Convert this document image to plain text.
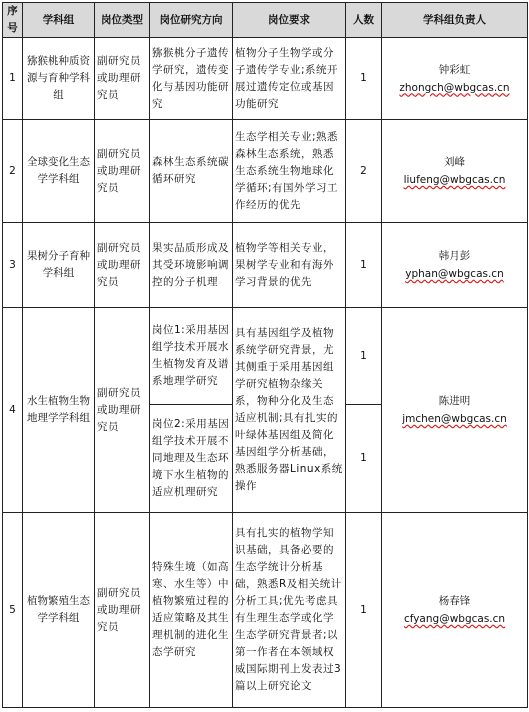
序号	学科组	岗位类型	岗位研究方向	岗位要求	人数	学科组负责人
1	猕猴桃种质资源与育种学科组	副研究员或助理研究员	猕猴桃分子遗传学研究，遗传变化与基因功能研究	植物分子生物学或分子遗传学专业;系统开展过遗传定位或基因功能研究	1	钟彩虹
zhongch@wbgcas.cn

2	全球变化生态学学科组	副研究员或助理研究员	森林生态系统碳循环研究	生态学相关专业;熟悉森林生态系统，熟悉生态系统生物地球化学循环;有国外学习工作经历的优先	2	刘峰
liufeng@wbgcas.cn

3	果树分子育种学科组	副研究员或助理研究员	果实品质形成及其受环境影响调控的分子机理	植物学等相关专业，果树学专业和有海外学习背景的优先	1	韩月彭
yphan@wbgcas.cn

4	水生植物生物地理学学科组	副研究员或助理研究员	岗位1:采用基因组学技术开展水生植物发育及谱系地理学研究	具有基因组学及植物系统学研究背景，尤其侧重于采用基因组学研究植物杂缘关系，物种分化及生态适应机制;具有扎实的叶绿体基因组及简化基因组学分析基础，熟悉服务器Linux系统操作	1	陈进明
jmchen@wbgcas.cn

			岗位2:采用基因组学技术开展不同地理及生态环境下水生植物的适应机理研究		1	
5	植物繁殖生态学学科组	副研究员或助理研究员	特殊生境（如高寒、水生等）中植物繁殖过程的适应策略及其生理机制的进化生态学研究	具有扎实的植物学知识基础，具备必要的生态学统计分析基础，熟悉R及相关统计分析工具;优先考虑具有生理生态学或化学生态学研究背景者;以第一作者在本领域权威国际期刊上发表过3篇以上研究论文	1	杨春锋
cfyang@wbgcas.cn
